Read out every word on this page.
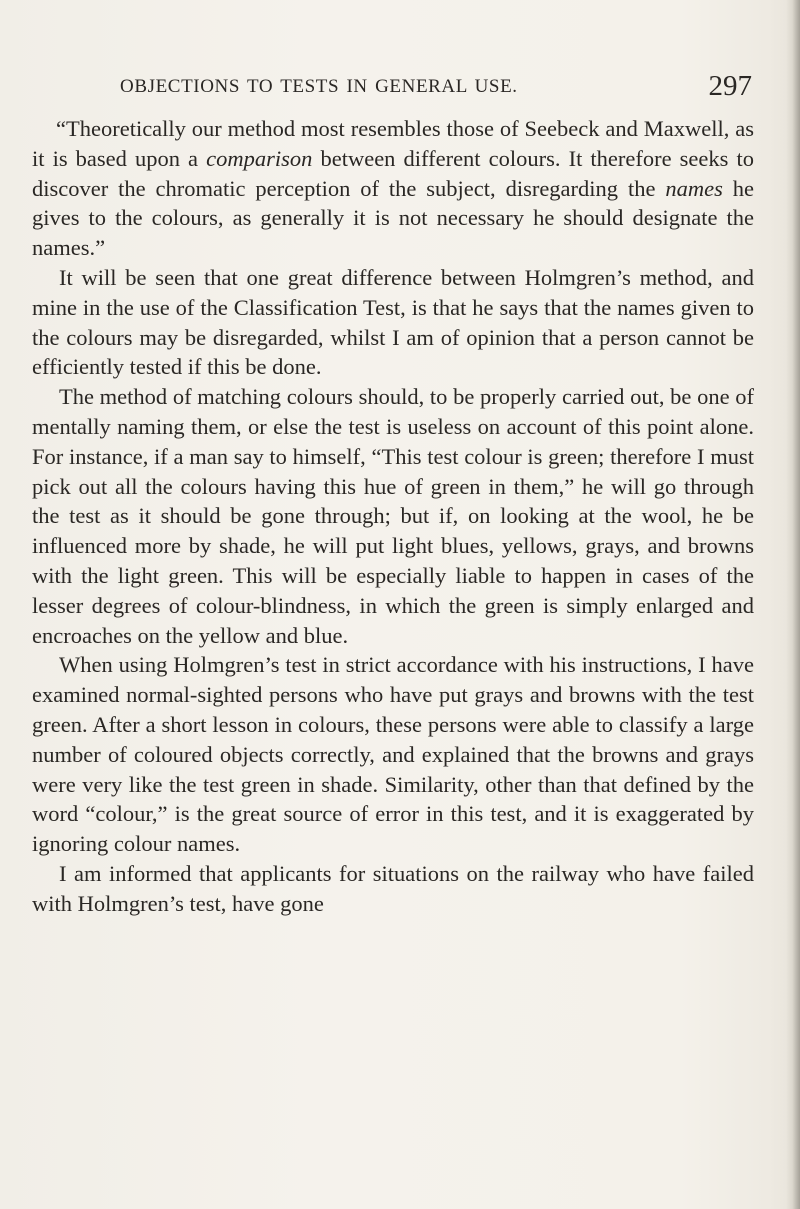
OBJECTIONS TO TESTS IN GENERAL USE.	297

“Theoretically our method most resembles those of Seebeck and Maxwell, as it is based upon a comparison between different colours. It therefore seeks to discover the chromatic perception of the subject, disregarding the names he gives to the colours, as generally it is not necessary he should designate the names.”

It will be seen that one great difference between Holmgren’s method, and mine in the use of the Classification Test, is that he says that the names given to the colours may be disregarded, whilst I am of opinion that a person cannot be efficiently tested if this be done.

The method of matching colours should, to be properly carried out, be one of mentally naming them, or else the test is useless on account of this point alone. For instance, if a man say to himself, “This test colour is green; therefore I must pick out all the colours having this hue of green in them,” he will go through the test as it should be gone through; but if, on looking at the wool, he be influenced more by shade, he will put light blues, yellows, grays, and browns with the light green. This will be especially liable to happen in cases of the lesser degrees of colour-blindness, in which the green is simply enlarged and encroaches on the yellow and blue.

When using Holmgren’s test in strict accordance with his instructions, I have examined normal-sighted persons who have put grays and browns with the test green. After a short lesson in colours, these persons were able to classify a large number of coloured objects correctly, and explained that the browns and grays were very like the test green in shade. Similarity, other than that defined by the word “colour,” is the great source of error in this test, and it is exaggerated by ignoring colour names.

I am informed that applicants for situations on the railway who have failed with Holmgren’s test, have gone
